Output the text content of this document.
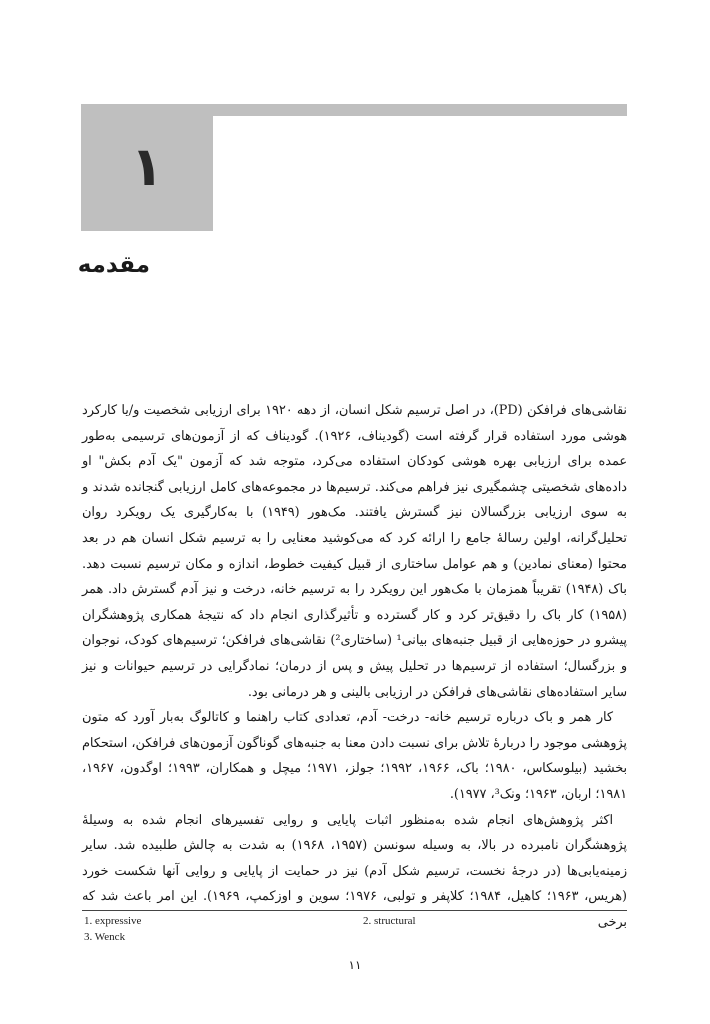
۱
مقدمه

نقاشی‌های فرافکن (PD)، در اصل ترسیم شکل انسان، از دهه ۱۹۲۰ برای ارزیابی شخصیت و/یا کارکرد هوشی مورد استفاده قرار گرفته است (گودیناف، ۱۹۲۶). گودیناف که از آزمون‌های ترسیمی به‌طور عمده برای ارزیابی بهره هوشی کودکان استفاده می‌کرد، متوجه شد که آزمون "یک آدم بکش" او داده‌های شخصیتی چشمگیری نیز فراهم می‌کند. ترسیم‌ها در مجموعه‌های کامل ارزیابی گنجانده شدند و به سوی ارزیابی بزرگسالان نیز گسترش یافتند. مک‌هور (۱۹۴۹) با به‌کارگیری یک رویکرد روان تحلیل‌گرانه، اولین رسالهٔ جامع را ارائه کرد که می‌کوشید معنایی را به ترسیم شکل انسان هم در بعد محتوا (معنای نمادین) و هم عوامل ساختاری از قبیل کیفیت خطوط، اندازه و مکان ترسیم نسبت دهد. باک (۱۹۴۸) تقریباً همزمان با مک‌هور این رویکرد را به ترسیم خانه، درخت و نیز آدم گسترش داد. همر (۱۹۵۸) کار باک را دقیق‌تر کرد و کار گسترده و تأثیرگذاری انجام داد که نتیجهٔ همکاری پژوهشگران پیشرو در حوزه‌هایی از قبیل جنبه‌های بیانی¹ (ساختاری²) نقاشی‌های فرافکن؛ ترسیم‌های کودک، نوجوان و بزرگسال؛ استفاده از ترسیم‌ها در تحلیل پیش و پس از درمان؛ نمادگرایی در ترسیم حیوانات و نیز سایر استفاده‌های نقاشی‌های فرافکن در ارزیابی بالینی و هر درمانی بود.

کار همر و باک درباره ترسیم خانه- درخت- آدم، تعدادی کتاب راهنما و کاتالوگ به‌بار آورد که متون پژوهشی موجود را دربارهٔ تلاش برای نسبت دادن معنا به جنبه‌های گوناگون آزمون‌های فرافکن، استحکام بخشید (بیلوسکاس، ۱۹۸۰؛ باک، ۱۹۶۶، ۱۹۹۲؛ جولز، ۱۹۷۱؛ میچل و همکاران، ۱۹۹۳؛ اوگدون، ۱۹۶۷، ۱۹۸۱؛ اربان، ۱۹۶۳؛ ونک³، ۱۹۷۷).

اکثر پژوهش‌های انجام شده به‌منظور اثبات پایایی و روایی تفسیرهای انجام شده به وسیلهٔ پژوهشگران نامبرده در بالا، به وسیله سونسن (۱۹۵۷، ۱۹۶۸) به شدت به چالش طلبیده شد. سایر زمینه‌یابی‌ها (در درجهٔ نخست، ترسیم شکل آدم) نیز در حمایت از پایایی و روایی آنها شکست خورد (هریس، ۱۹۶۳؛ کاهیل، ۱۹۸۴؛ کلاپفر و تولبی، ۱۹۷۶؛ سوین و اوزکمپ، ۱۹۶۹). این امر باعث شد که برخی

1. expressive	2. structural
3. Wenck
۱۱
